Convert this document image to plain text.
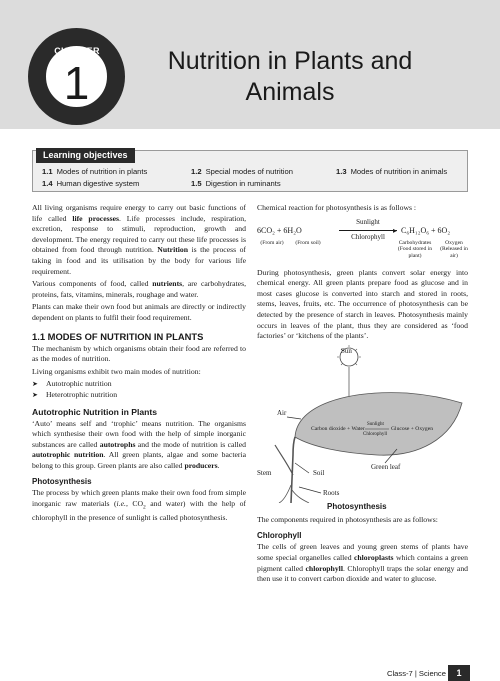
CHAPTER
1	Nutrition in Plants and Animals
Learning objectives
1.1 Modes of nutrition in plants	1.2 Special modes of nutrition	1.3 Modes of nutrition in animals
1.4 Human digestive system	1.5 Digestion in ruminants

All living organisms require energy to carry out basic functions of life called life processes. Life processes include, respiration, excretion, response to stimuli, reproduction, growth and development. The energy required to carry out these life processes is obtained from food through nutrition. Nutrition is the process of taking in food and its utilisation by the body for various life requirement.

Various components of food, called nutrients, are carbohydrates, proteins, fats, vitamins, minerals, roughage and water.

Plants can make their own food but animals are directly or indirectly dependent on plants to fulfil their food requirement.

1.1 MODES OF NUTRITION IN PLANTS

The mechanism by which organisms obtain their food are referred to as the modes of nutrition.

Living organisms exhibit two main modes of nutrition:

➤ Autotrophic nutrition
➤ Heterotrophic nutrition
Autotrophic Nutrition in Plants

‘Auto’ means self and ‘trophic’ means nutrition. The organisms which synthesise their own food with the help of simple inorganic substances are called autotrophs and the mode of nutrition is called autotrophic nutrition. All green plants, algae and some bacteria belong to this group. Green plants are also called producers.

Photosynthesis

The process by which green plants make their own food from simple inorganic raw materials (i.e., $CO_2$ and water) with the help of chlorophyll in the presence of sunlight is called photosynthesis.

Chemical reaction for photosynthesis is as follows :

6CO₂ + 6H₂O
Sunlight
▸
Chlorophyll
C₆H₁₂O₆ + 6O₂
(From air)	(From soil)	Carbohydrates (Food stored in plant)
Oxygen (Released in air)

During photosynthesis, green plants convert solar energy into chemical energy. All green plants prepare food as glucose and in most cases glucose is converted into starch and stored in roots, stems, leaves, fruits, etc. The occurrence of photosynthesis can be detected by the presence of starch in leaves. Photosynthesis mainly occurs in leaves of the plant, thus they are considered as ‘food factories’ or ‘kitchens of the plants’.

Sun
Air
Carbon dioxide + Water
Sunlight
Chlorophyll
Glucose + Oxygen
Stem	Soil
Roots
Green leaf
Photosynthesis

The components required in photosynthesis are as follows:

Chlorophyll

The cells of green leaves and young green stems of plants have some special organelles called chloroplasts which contains a green pigment called chlorophyll. Chlorophyll traps the solar energy and then use it to convert carbon dioxide and water to glucose.

Class-7 | Science	1
